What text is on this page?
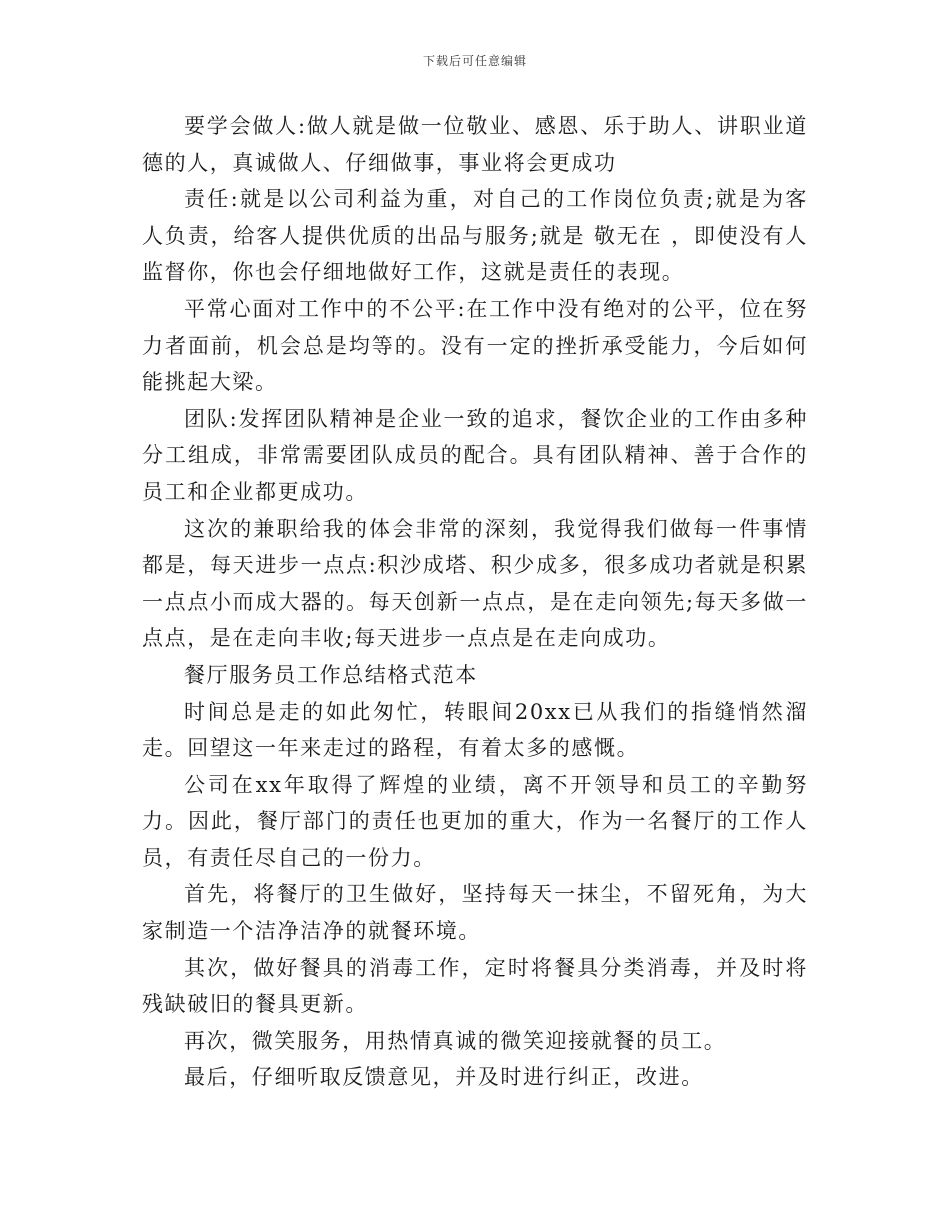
下载后可任意编辑

要学会做人:做人就是做一位敬业、感恩、乐于助人、讲职业道德的人，真诚做人、仔细做事，事业将会更成功

责任:就是以公司利益为重，对自己的工作岗位负责;就是为客人负责，给客人提供优质的出品与服务;就是 敬无在 ，即使没有人监督你，你也会仔细地做好工作，这就是责任的表现。

平常心面对工作中的不公平:在工作中没有绝对的公平，位在努力者面前，机会总是均等的。没有一定的挫折承受能力，今后如何能挑起大梁。

团队:发挥团队精神是企业一致的追求，餐饮企业的工作由多种分工组成，非常需要团队成员的配合。具有团队精神、善于合作的员工和企业都更成功。

这次的兼职给我的体会非常的深刻，我觉得我们做每一件事情都是，每天进步一点点:积沙成塔、积少成多，很多成功者就是积累一点点小而成大器的。每天创新一点点，是在走向领先;每天多做一点点，是在走向丰收;每天进步一点点是在走向成功。

餐厅服务员工作总结格式范本

时间总是走的如此匆忙，转眼间20xx已从我们的指缝悄然溜走。回望这一年来走过的路程，有着太多的感慨。

公司在xx年取得了辉煌的业绩，离不开领导和员工的辛勤努力。因此，餐厅部门的责任也更加的重大，作为一名餐厅的工作人员，有责任尽自己的一份力。

首先，将餐厅的卫生做好，坚持每天一抹尘，不留死角，为大家制造一个洁净洁净的就餐环境。

其次，做好餐具的消毒工作，定时将餐具分类消毒，并及时将残缺破旧的餐具更新。

再次，微笑服务，用热情真诚的微笑迎接就餐的员工。

最后，仔细听取反馈意见，并及时进行纠正，改进。
